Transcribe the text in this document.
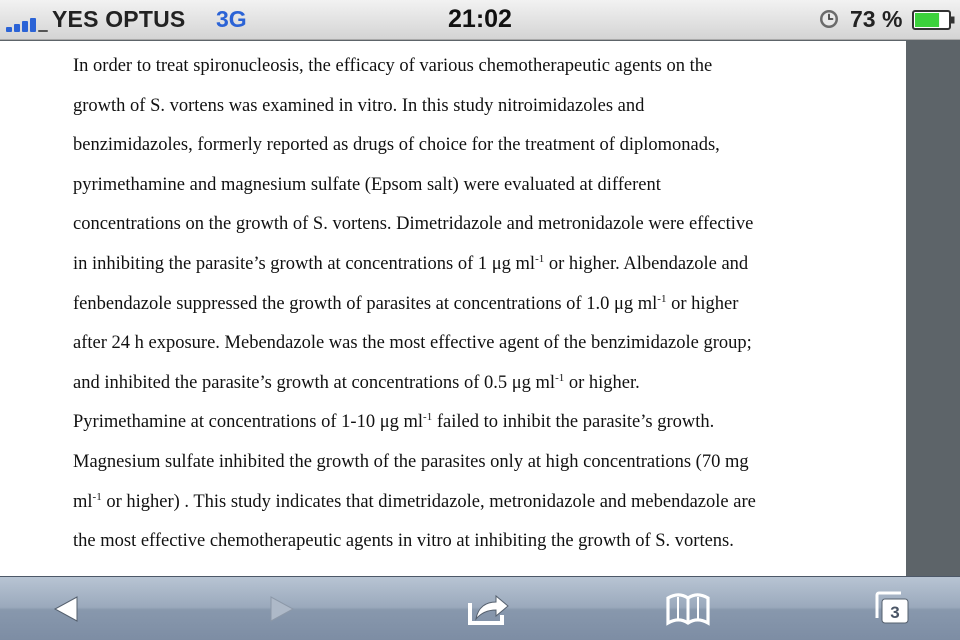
YES OPTUS 3G	21:02	73 %

In order to treat spironucleosis, the efficacy of various chemotherapeutic agents on the
growth of S. vortens was examined in vitro. In this study nitroimidazoles and
benzimidazoles, formerly reported as drugs of choice for the treatment of diplomonads,
pyrimethamine and magnesium sulfate (Epsom salt) were evaluated at different
concentrations on the growth of S. vortens. Dimetridazole and metronidazole were effective
in inhibiting the parasite’s growth at concentrations of 1 μg $ml^{-1}$ or higher. Albendazole and
fenbendazole suppressed the growth of parasites at concentrations of 1.0 μg $ml^{-1}$ or higher
after 24 h exposure. Mebendazole was the most effective agent of the benzimidazole group;
and inhibited the parasite’s growth at concentrations of 0.5 μg $ml^{-1}$ or higher.
Pyrimethamine at concentrations of 1-10 μg $ml^{-1}$ failed to inhibit the parasite’s growth.
Magnesium sulfate inhibited the growth of the parasites only at high concentrations (70 mg
$ml^{-1}$ or higher) . This study indicates that dimetridazole, metronidazole and mebendazole are
the most effective chemotherapeutic agents in vitro at inhibiting the growth of S. vortens.

3
